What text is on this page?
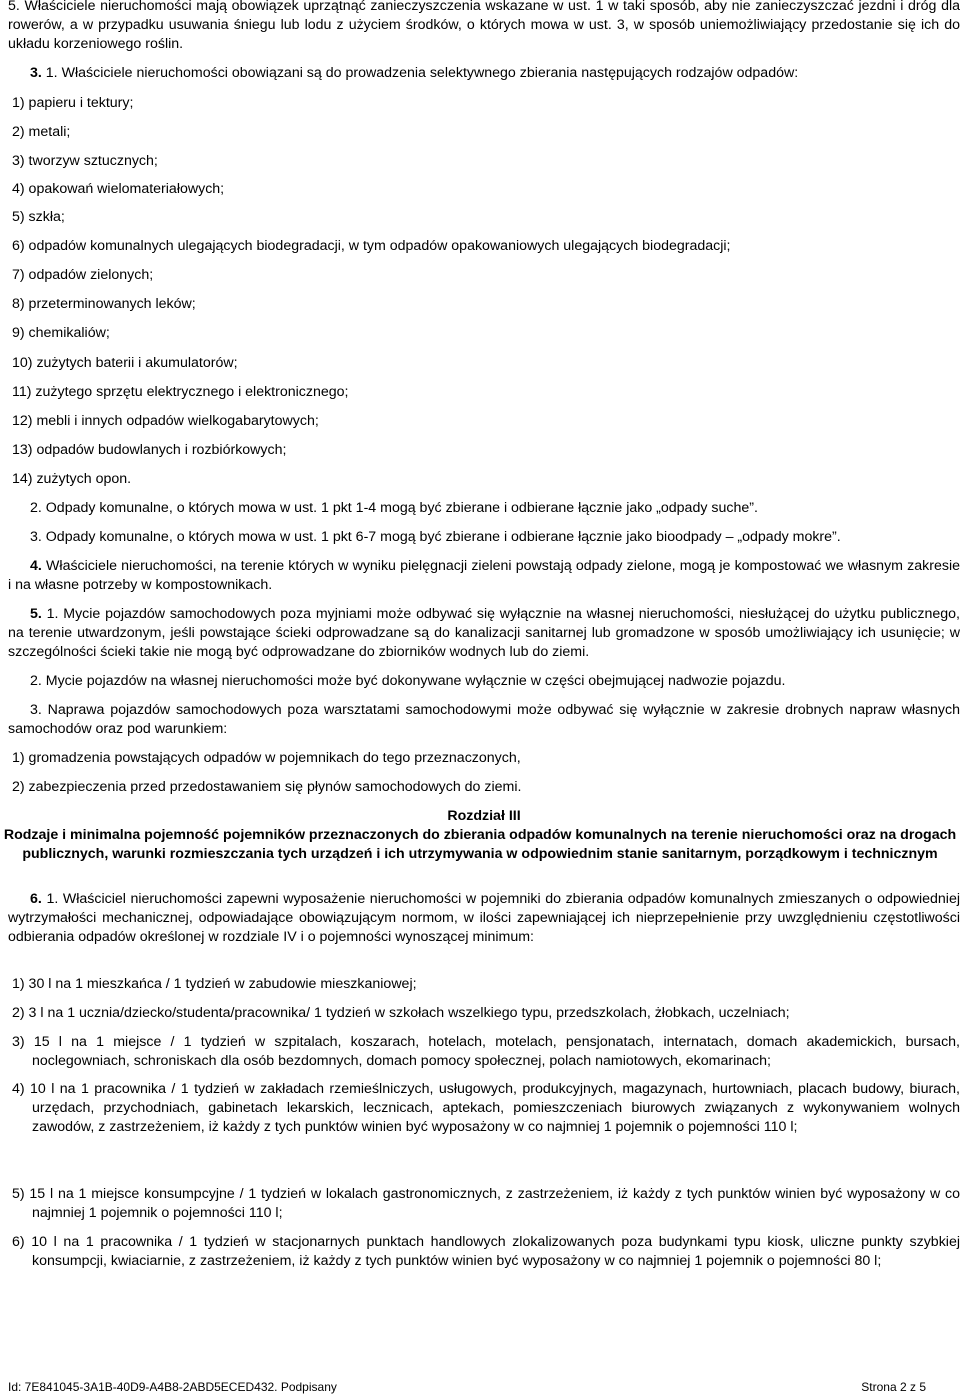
5. Właściciele nieruchomości mają obowiązek uprzątnąć zanieczyszczenia wskazane w ust. 1 w taki sposób, aby nie zanieczyszczać jezdni i dróg dla rowerów, a w przypadku usuwania śniegu lub lodu z użyciem środków, o których mowa w ust. 3, w sposób uniemożliwiający przedostanie się ich do układu korzeniowego roślin.

3. 1. Właściciele nieruchomości obowiązani są do prowadzenia selektywnego zbierania następujących rodzajów odpadów:

1) papieru i tektury;

2) metali;

3) tworzyw sztucznych;

4) opakowań wielomateriałowych;

5) szkła;

6) odpadów komunalnych ulegających biodegradacji, w tym odpadów opakowaniowych ulegających biodegradacji;

7) odpadów zielonych;

8) przeterminowanych leków;

9) chemikaliów;

10) zużytych baterii i akumulatorów;

11) zużytego sprzętu elektrycznego i elektronicznego;

12) mebli i innych odpadów wielkogabarytowych;

13) odpadów budowlanych i rozbiórkowych;

14) zużytych opon.

2. Odpady komunalne, o których mowa w ust. 1 pkt 1-4 mogą być zbierane i odbierane łącznie jako „odpady suche”.

3. Odpady komunalne, o których mowa w ust. 1 pkt 6-7 mogą być zbierane i odbierane łącznie jako bioodpady – „odpady mokre”.

4. Właściciele nieruchomości, na terenie których w wyniku pielęgnacji zieleni powstają odpady zielone, mogą je kompostować we własnym zakresie i na własne potrzeby w kompostownikach.

5. 1. Mycie pojazdów samochodowych poza myjniami może odbywać się wyłącznie na własnej nieruchomości, niesłużącej do użytku publicznego, na terenie utwardzonym, jeśli powstające ścieki odprowadzane są do kanalizacji sanitarnej lub gromadzone w sposób umożliwiający ich usunięcie; w szczególności ścieki takie nie mogą być odprowadzane do zbiorników wodnych lub do ziemi.

2. Mycie pojazdów na własnej nieruchomości może być dokonywane wyłącznie w części obejmującej nadwozie pojazdu.

3. Naprawa pojazdów samochodowych poza warsztatami samochodowymi może odbywać się wyłącznie w zakresie drobnych napraw własnych samochodów oraz pod warunkiem:

1) gromadzenia powstających odpadów w pojemnikach do tego przeznaczonych,

2) zabezpieczenia przed przedostawaniem się płynów samochodowych do ziemi.

Rozdział III

Rodzaje i minimalna pojemność pojemników przeznaczonych do zbierania odpadów komunalnych na terenie nieruchomości oraz na drogach publicznych, warunki rozmieszczania tych urządzeń i ich utrzymywania w odpowiednim stanie sanitarnym, porządkowym i technicznym

6. 1. Właściciel nieruchomości zapewni wyposażenie nieruchomości w pojemniki do zbierania odpadów komunalnych zmieszanych o odpowiedniej wytrzymałości mechanicznej, odpowiadające obowiązującym normom, w ilości zapewniającej ich nieprzepełnienie przy uwzględnieniu częstotliwości odbierania odpadów określonej w rozdziale IV i o pojemności wynoszącej minimum:

1) 30 l na 1 mieszkańca / 1 tydzień w zabudowie mieszkaniowej;

2) 3 l na 1 ucznia/dziecko/studenta/pracownika/ 1 tydzień w szkołach wszelkiego typu, przedszkolach, żłobkach, uczelniach;

3) 15 l na 1 miejsce / 1 tydzień w szpitalach, koszarach, hotelach, motelach, pensjonatach, internatach, domach akademickich, bursach, noclegowniach, schroniskach dla osób bezdomnych, domach pomocy społecznej, polach namiotowych, ekomarinach;

4) 10 l na 1 pracownika / 1 tydzień w zakładach rzemieślniczych, usługowych, produkcyjnych, magazynach, hurtowniach, placach budowy, biurach, urzędach, przychodniach, gabinetach lekarskich, lecznicach, aptekach, pomieszczeniach biurowych związanych z wykonywaniem wolnych zawodów, z zastrzeżeniem, iż każdy z tych punktów winien być wyposażony w co najmniej 1 pojemnik o pojemności 110 l;

5) 15 l na 1 miejsce konsumpcyjne / 1 tydzień w lokalach gastronomicznych, z zastrzeżeniem, iż każdy z tych punktów winien być wyposażony w co najmniej 1 pojemnik o pojemności 110 l;

6) 10 l na 1 pracownika / 1 tydzień w stacjonarnych punktach handlowych zlokalizowanych poza budynkami typu kiosk, uliczne punkty szybkiej konsumpcji, kwiaciarnie, z zastrzeżeniem, iż każdy z tych punktów winien być wyposażony w co najmniej 1 pojemnik o pojemności 80 l;

Id: 7E841045-3A1B-40D9-A4B8-2ABD5ECED432. Podpisany	Strona 2 z 5
